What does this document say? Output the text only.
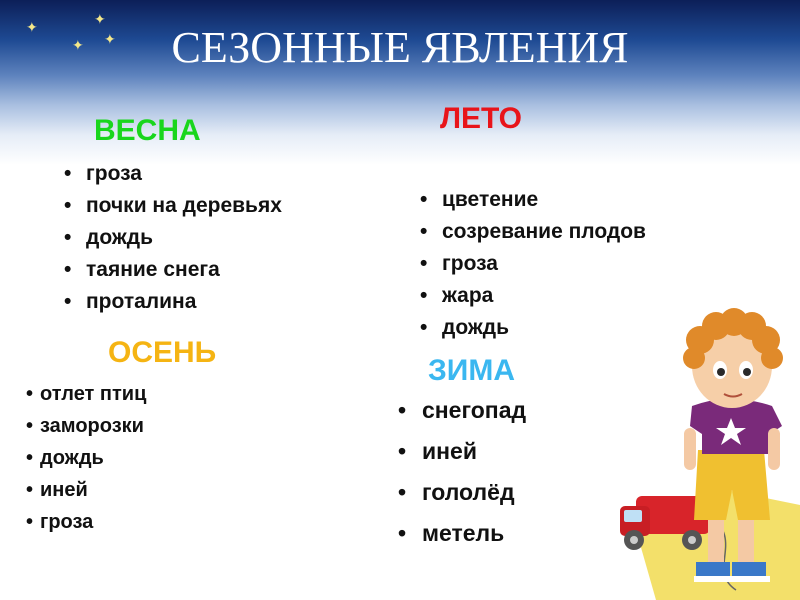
✦	✦
✦ ✦	СЕЗОННЫЕ ЯВЛЕНИЯ
ВЕСНА
• гроза
• почки на деревьях
• дождь
• таяние снега
• проталина
ЛЕТО
• цветение
• созревание плодов
• гроза
• жара
• дождь
ОСЕНЬ
• отлет птиц
• заморозки
• дождь
• иней
• гроза
ЗИМА
• снегопад
• иней
• гололёд
• метель
